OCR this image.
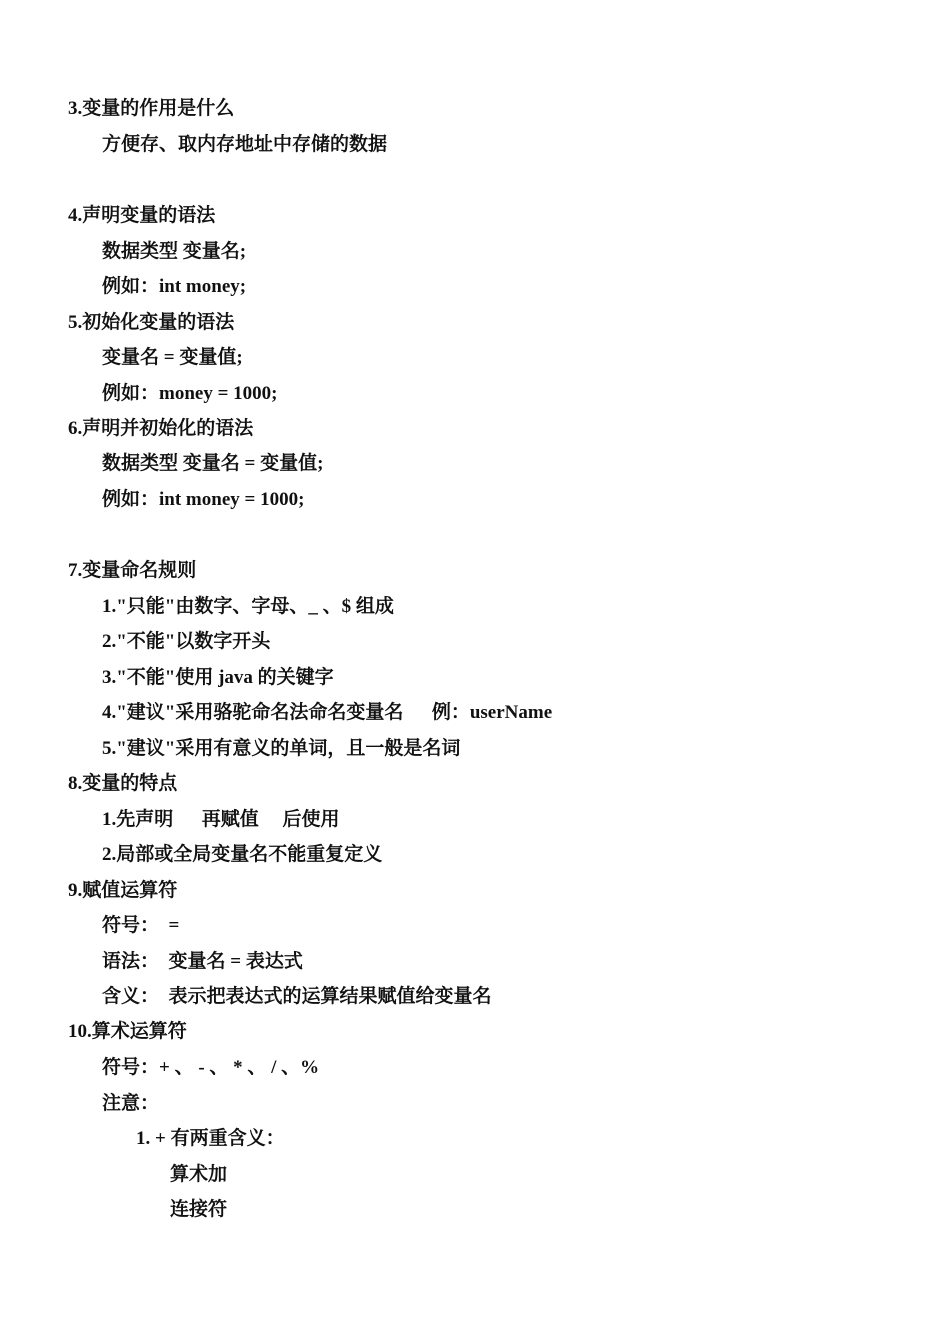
3.变量的作用是什么
方便存、取内存地址中存储的数据
4.声明变量的语法
数据类型 变量名;
例如：int money;
5.初始化变量的语法
变量名 = 变量值;
例如：money = 1000;
6.声明并初始化的语法
数据类型 变量名 = 变量值;
例如：int money = 1000;
7.变量命名规则
1."只能"由数字、字母、_ 、$ 组成
2."不能"以数字开头
3."不能"使用 java 的关键字
4."建议"采用骆驼命名法命名变量名      例：userName
5."建议"采用有意义的单词，且一般是名词
8.变量的特点
1.先声明      再赋值     后使用
2.局部或全局变量名不能重复定义
9.赋值运算符
符号：  =
语法：  变量名 = 表达式
含义：  表示把表达式的运算结果赋值给变量名
10.算术运算符
符号：+ 、 - 、 * 、 / 、%
注意：
1. + 有两重含义：
算术加
连接符
